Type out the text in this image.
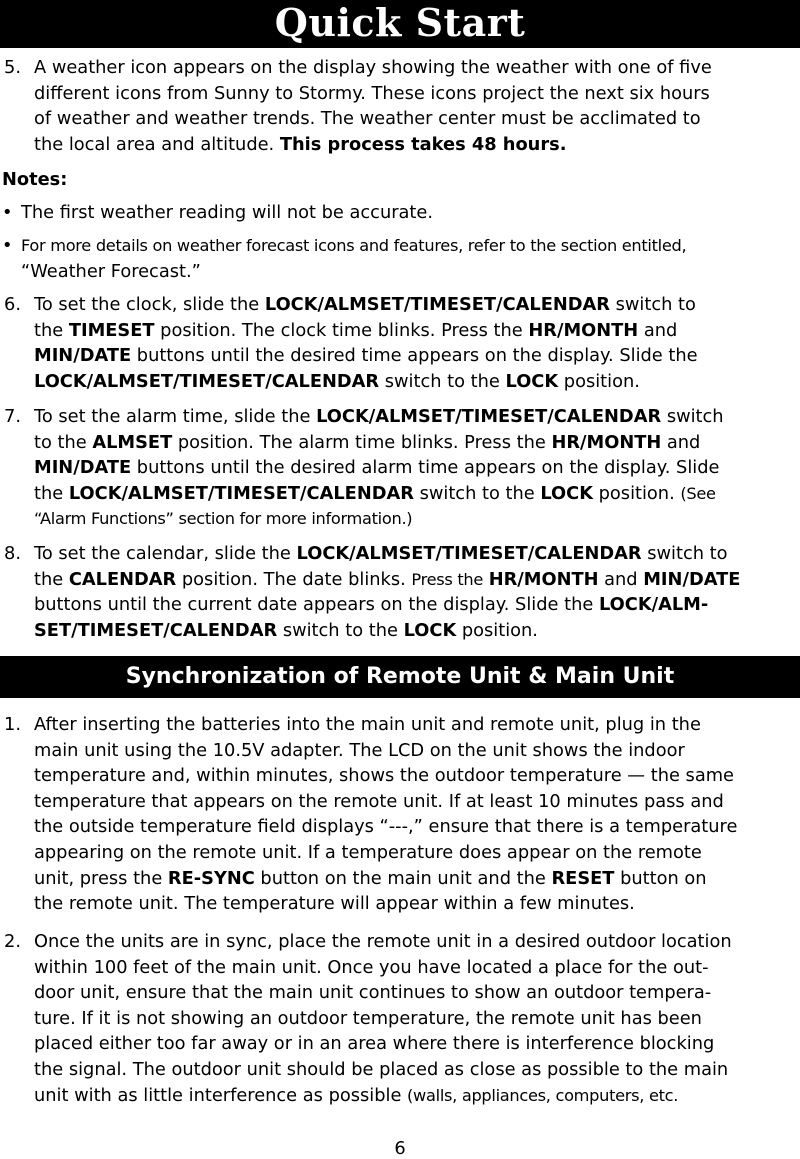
Quick Start
5. A weather icon appears on the display showing the weather with one of five
different icons from Sunny to Stormy. These icons project the next six hours
of weather and weather trends. The weather center must be acclimated to
the local area and altitude. This process takes 48 hours.
Notes:
• The first weather reading will not be accurate.
• For more details on weather forecast icons and features, refer to the section entitled,
“Weather Forecast.”
6. To set the clock, slide the LOCK/ALMSET/TIMESET/CALENDAR switch to
the TIMESET position. The clock time blinks. Press the HR/MONTH and
MIN/DATE buttons until the desired time appears on the display. Slide the
LOCK/ALMSET/TIMESET/CALENDAR switch to the LOCK position.
7. To set the alarm time, slide the LOCK/ALMSET/TIMESET/CALENDAR switch
to the ALMSET position. The alarm time blinks. Press the HR/MONTH and
MIN/DATE buttons until the desired alarm time appears on the display. Slide
the LOCK/ALMSET/TIMESET/CALENDAR switch to the LOCK position. (See
“Alarm Functions” section for more information.)
8. To set the calendar, slide the LOCK/ALMSET/TIMESET/CALENDAR switch to
the CALENDAR position. The date blinks. Press the HR/MONTH and MIN/DATE
buttons until the current date appears on the display. Slide the LOCK/ALM-
SET/TIMESET/CALENDAR switch to the LOCK position.
Synchronization of Remote Unit & Main Unit
1. After inserting the batteries into the main unit and remote unit, plug in the
main unit using the 10.5V adapter. The LCD on the unit shows the indoor
temperature and, within minutes, shows the outdoor temperature — the same
temperature that appears on the remote unit. If at least 10 minutes pass and
the outside temperature field displays “---,” ensure that there is a temperature
appearing on the remote unit. If a temperature does appear on the remote
unit, press the RE-SYNC button on the main unit and the RESET button on
the remote unit. The temperature will appear within a few minutes.
2. Once the units are in sync, place the remote unit in a desired outdoor location
within 100 feet of the main unit. Once you have located a place for the out-
door unit, ensure that the main unit continues to show an outdoor tempera-
ture. If it is not showing an outdoor temperature, the remote unit has been
placed either too far away or in an area where there is interference blocking
the signal. The outdoor unit should be placed as close as possible to the main
unit with as little interference as possible (walls, appliances, computers, etc.
6
